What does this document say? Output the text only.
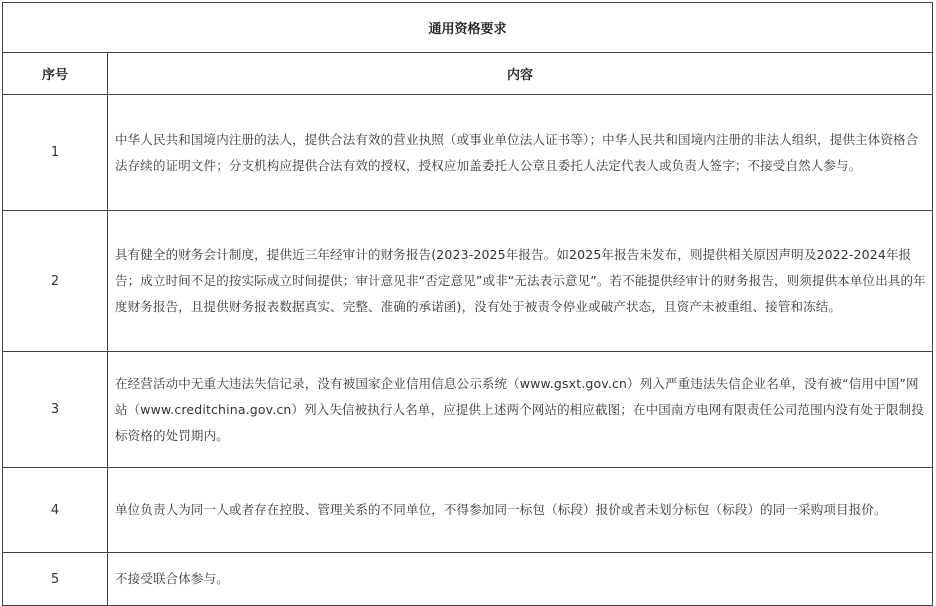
通用资格要求	
序号	内容
1	中华人民共和国境内注册的法人，提供合法有效的营业执照（或事业单位法人证书等）；中华人民共和国境内注册的非法人组织，提供主体资格合法存续的证明文件；分支机构应提供合法有效的授权，授权应加盖委托人公章且委托人法定代表人或负责人签字；不接受自然人参与。
2	具有健全的财务会计制度，提供近三年经审计的财务报告(2023-2025年报告。如2025年报告未发布，则提供相关原因声明及2022-2024年报告；成立时间不足的按实际成立时间提供；审计意见非“否定意见”或非“无法表示意见”。若不能提供经审计的财务报告，则须提供本单位出具的年度财务报告，且提供财务报表数据真实、完整、准确的承诺函)，没有处于被责令停业或破产状态，且资产未被重组、接管和冻结。
3	在经营活动中无重大违法失信记录，没有被国家企业信用信息公示系统（www.gsxt.gov.cn）列入严重违法失信企业名单，没有被“信用中国”网站（www.creditchina.gov.cn）列入失信被执行人名单，应提供上述两个网站的相应截图；在中国南方电网有限责任公司范围内没有处于限制投标资格的处罚期内。
4	单位负责人为同一人或者存在控股、管理关系的不同单位，不得参加同一标包（标段）报价或者未划分标包（标段）的同一采购项目报价。
5	不接受联合体参与。
